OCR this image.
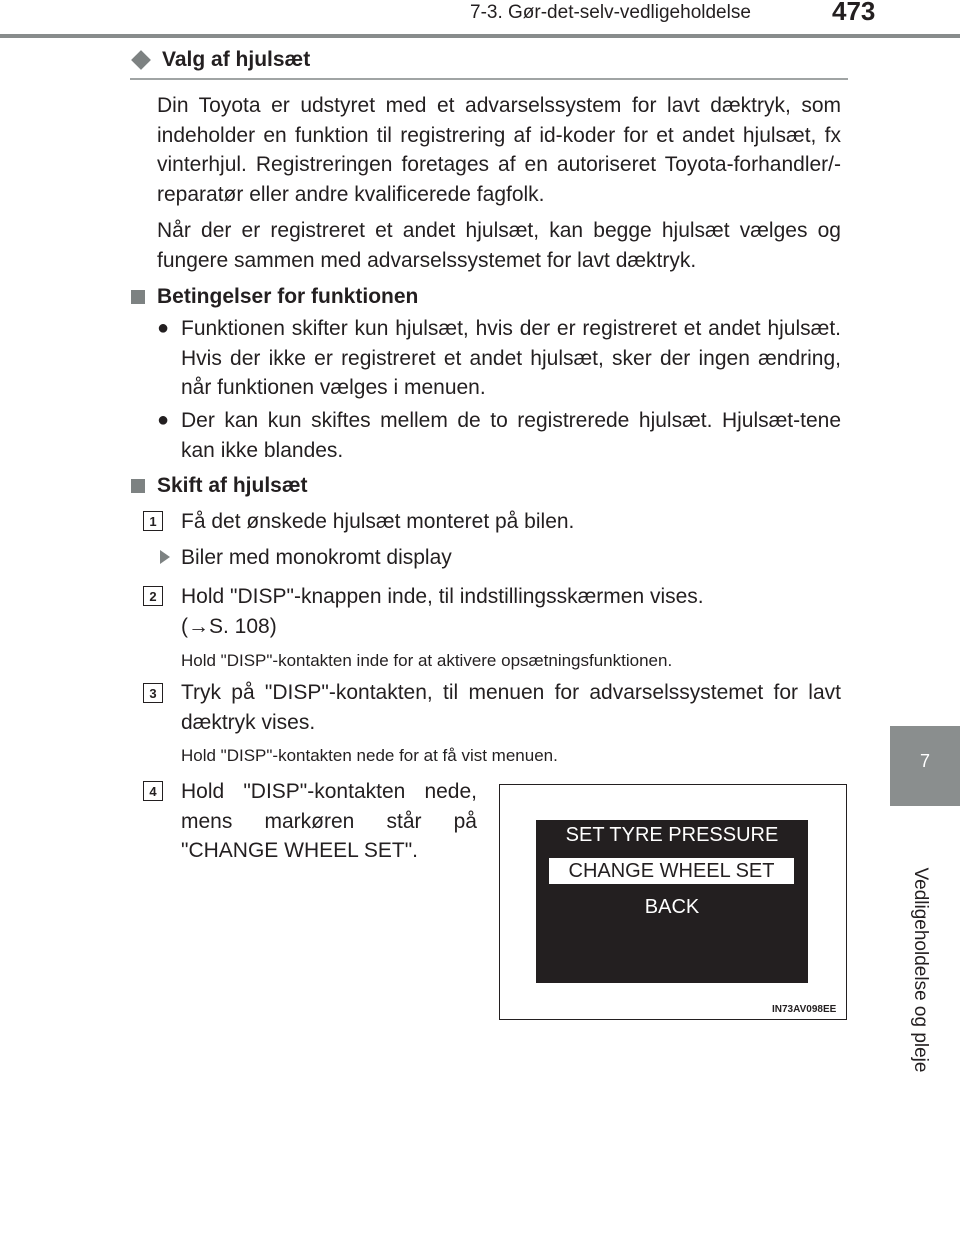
7-3. Gør-det-selv-vedligeholdelse	473
7
Vedligeholdelse og pleje
Valg af hjulsæt
Din Toyota er udstyret med et advarselssystem for lavt dæktryk, som indeholder en funktion til registrering af id-koder for et andet hjulsæt, fx vinterhjul. Registreringen foretages af en autoriseret Toyota-forhandler/-reparatør eller andre kvalificerede fagfolk.
Når der er registreret et andet hjulsæt, kan begge hjulsæt vælges og fungere sammen med advarselssystemet for lavt dæktryk.
Betingelser for funktionen
● Funktionen skifter kun hjulsæt, hvis der er registreret et andet hjulsæt. Hvis der ikke er registreret et andet hjulsæt, sker der ingen ændring, når funktionen vælges i menuen.
● Der kan kun skiftes mellem de to registrerede hjulsæt. Hjulsæt-tene kan ikke blandes.
Skift af hjulsæt
1	Få det ønskede hjulsæt monteret på bilen.
Biler med monokromt display
2	Hold "DISP"-knappen inde, til indstillingsskærmen vises.
(→S. 108)
Hold "DISP"-kontakten inde for at aktivere opsætningsfunktionen.
3	Tryk på "DISP"-kontakten, til menuen for advarselssystemet for lavt dæktryk vises.
Hold "DISP"-kontakten nede for at få vist menuen.
4	Hold "DISP"-kontakten nede, mens markøren står på "CHANGE WHEEL SET".
SET TYRE PRESSURE
CHANGE WHEEL SET
BACK
IN73AV098EE
